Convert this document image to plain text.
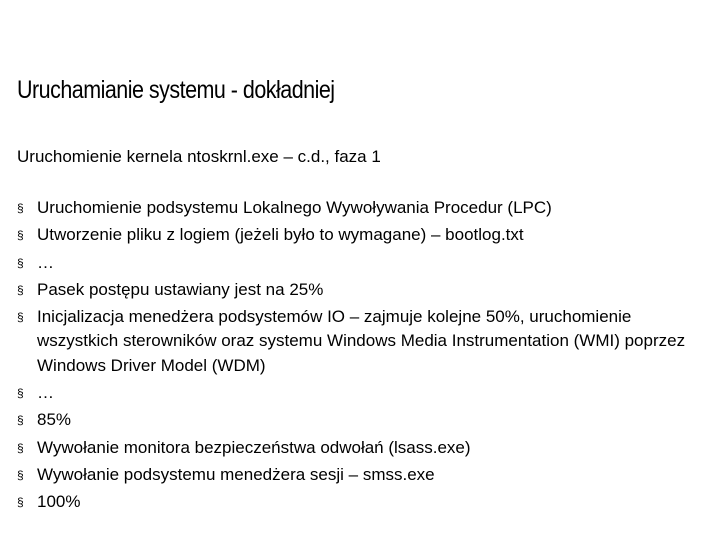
Uruchamianie systemu - dokładniej
Uruchomienie kernela ntoskrnl.exe – c.d., faza 1
§ Uruchomienie podsystemu Lokalnego Wywoływania Procedur (LPC)
§ Utworzenie pliku z logiem (jeżeli było to wymagane) – bootlog.txt
§ …
§ Pasek postępu ustawiany jest na 25%
§ Inicjalizacja menedżera podsystemów IO – zajmuje kolejne 50%, uruchomienie wszystkich sterowników oraz systemu Windows Media Instrumentation (WMI) poprzez Windows Driver Model (WDM)
§ …
§ 85%
§ Wywołanie monitora bezpieczeństwa odwołań (lsass.exe)
§ Wywołanie podsystemu menedżera sesji – smss.exe
§ 100%
